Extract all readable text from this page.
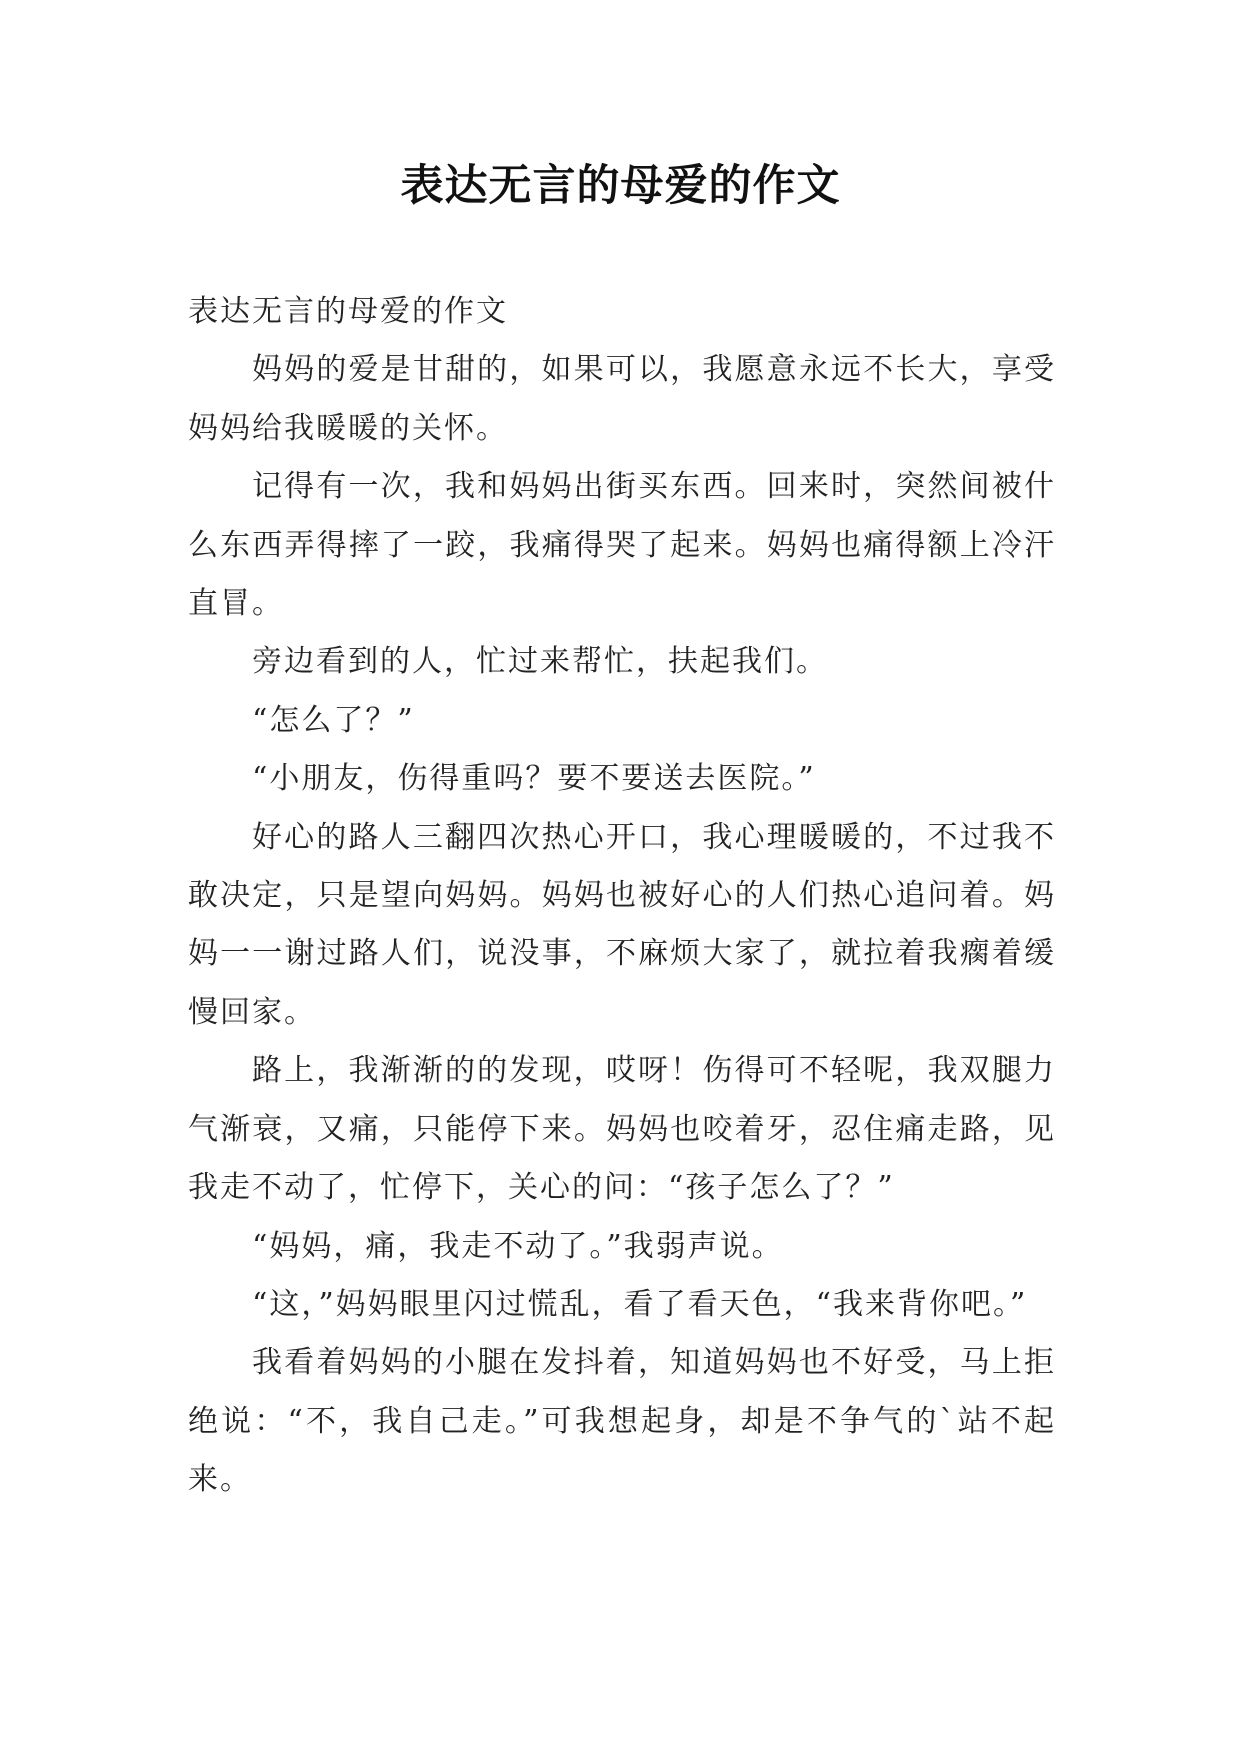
表达无言的母爱的作文

表达无言的母爱的作文

妈妈的爱是甘甜的，如果可以，我愿意永远不长大，享受妈妈给我暖暖的关怀。

记得有一次，我和妈妈出街买东西。回来时，突然间被什么东西弄得摔了一跤，我痛得哭了起来。妈妈也痛得额上冷汗直冒。

旁边看到的人，忙过来帮忙，扶起我们。

“怎么了？”

“小朋友，伤得重吗？要不要送去医院。”

好心的路人三翻四次热心开口，我心理暖暖的，不过我不敢决定，只是望向妈妈。妈妈也被好心的人们热心追问着。妈妈一一谢过路人们，说没事，不麻烦大家了，就拉着我瘸着缓慢回家。

路上，我渐渐的的发现，哎呀！伤得可不轻呢，我双腿力气渐衰，又痛，只能停下来。妈妈也咬着牙，忍住痛走路，见我走不动了，忙停下，关心的问：“孩子怎么了？”

“妈妈，痛，我走不动了。”我弱声说。

“这，”妈妈眼里闪过慌乱，看了看天色，“我来背你吧。”

我看着妈妈的小腿在发抖着，知道妈妈也不好受，马上拒绝说：“不，我自己走。”可我想起身，却是不争气的`站不起来。
